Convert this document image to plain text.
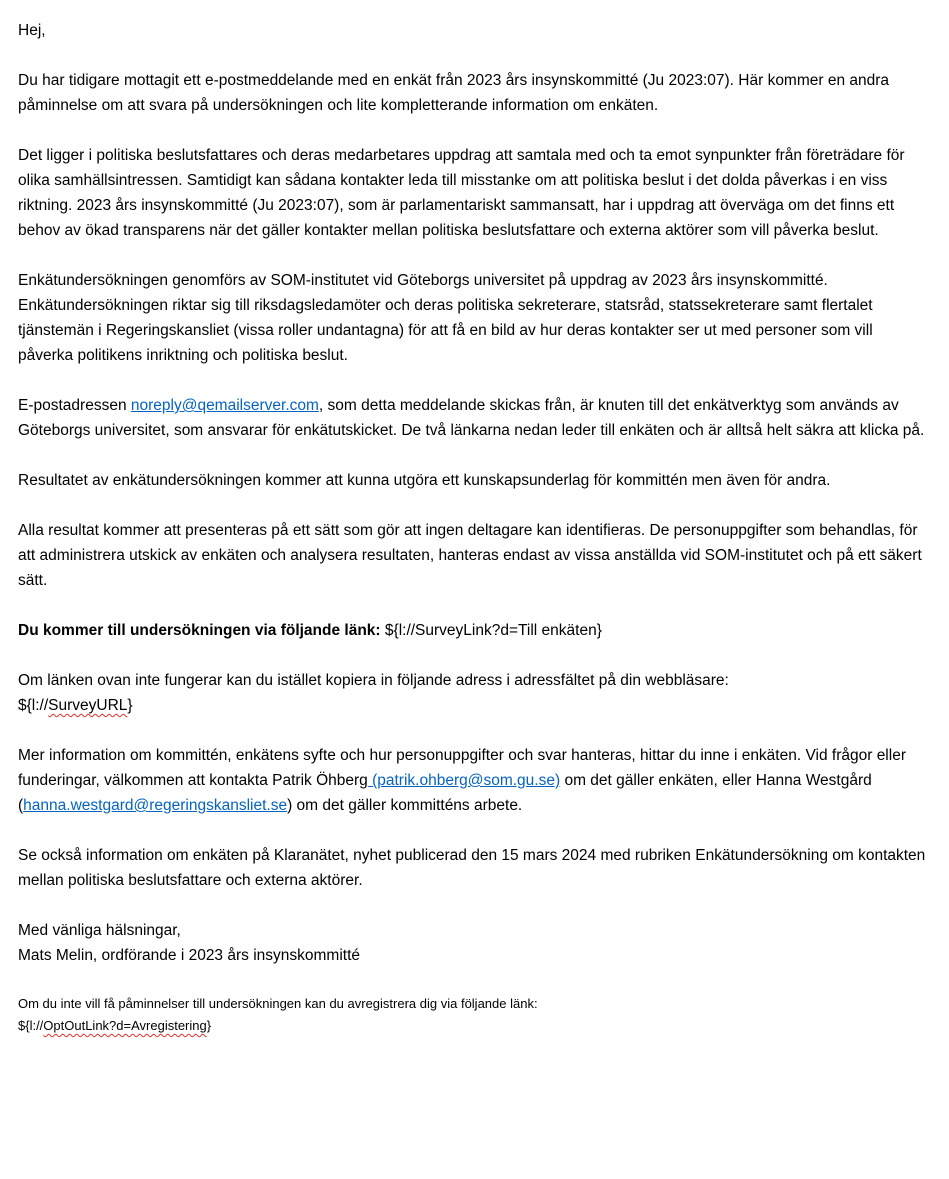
Hej,

Du har tidigare mottagit ett e-postmeddelande med en enkät från 2023 års insynskommitté (Ju 2023:07). Här kommer en andra påminnelse om att svara på undersökningen och lite kompletterande information om enkäten.

Det ligger i politiska beslutsfattares och deras medarbetares uppdrag att samtala med och ta emot synpunkter från företrädare för olika samhällsintressen. Samtidigt kan sådana kontakter leda till misstanke om att politiska beslut i det dolda påverkas i en viss riktning. 2023 års insynskommitté (Ju 2023:07), som är parlamentariskt sammansatt, har i uppdrag att överväga om det finns ett behov av ökad transparens när det gäller kontakter mellan politiska beslutsfattare och externa aktörer som vill påverka beslut.

Enkätundersökningen genomförs av SOM-institutet vid Göteborgs universitet på uppdrag av 2023 års insynskommitté. Enkätundersökningen riktar sig till riksdagsledamöter och deras politiska sekreterare, statsråd, statssekreterare samt flertalet tjänstemän i Regeringskansliet (vissa roller undantagna) för att få en bild av hur deras kontakter ser ut med personer som vill påverka politikens inriktning och politiska beslut.

E-postadressen noreply@qemailserver.com, som detta meddelande skickas från, är knuten till det enkätverktyg som används av Göteborgs universitet, som ansvarar för enkätutskicket. De två länkarna nedan leder till enkäten och är alltså helt säkra att klicka på.

Resultatet av enkätundersökningen kommer att kunna utgöra ett kunskapsunderlag för kommittén men även för andra.

Alla resultat kommer att presenteras på ett sätt som gör att ingen deltagare kan identifieras. De personuppgifter som behandlas, för att administrera utskick av enkäten och analysera resultaten, hanteras endast av vissa anställda vid SOM-institutet och på ett säkert sätt.

Du kommer till undersökningen via följande länk: ${l://SurveyLink?d=Till enkäten}

Om länken ovan inte fungerar kan du istället kopiera in följande adress i adressfältet på din webbläsare:
${l://SurveyURL}

Mer information om kommittén, enkätens syfte och hur personuppgifter och svar hanteras, hittar du inne i enkäten. Vid frågor eller funderingar, välkommen att kontakta Patrik Öhberg (patrik.ohberg@som.gu.se) om det gäller enkäten, eller Hanna Westgård (hanna.westgard@regeringskansliet.se) om det gäller kommitténs arbete.

Se också information om enkäten på Klaranätet, nyhet publicerad den 15 mars 2024 med rubriken Enkätundersökning om kontakten mellan politiska beslutsfattare och externa aktörer.

Med vänliga hälsningar,
Mats Melin, ordförande i 2023 års insynskommitté

Om du inte vill få påminnelser till undersökningen kan du avregistrera dig via följande länk:
${l://OptOutLink?d=Avregistering}
